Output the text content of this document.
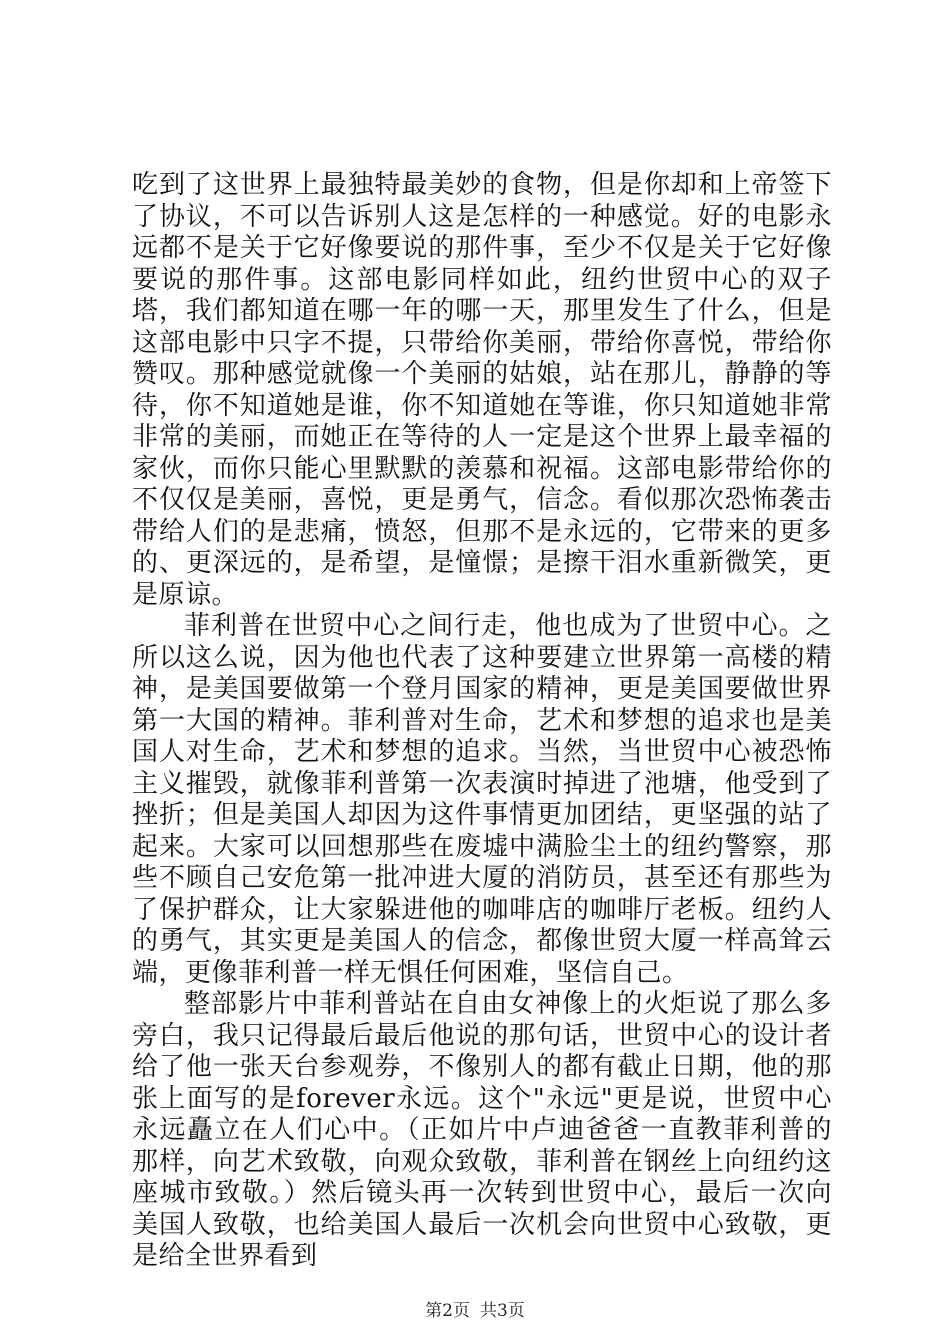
吃到了这世界上最独特最美妙的食物，但是你却和上帝签下了协议，不可以告诉别人这是怎样的一种感觉。好的电影永远都不是关于它好像要说的那件事，至少不仅是关于它好像要说的那件事。这部电影同样如此，纽约世贸中心的双子塔，我们都知道在哪一年的哪一天，那里发生了什么，但是这部电影中只字不提，只带给你美丽，带给你喜悦，带给你赞叹。那种感觉就像一个美丽的姑娘，站在那儿，静静的等待，你不知道她是谁，你不知道她在等谁，你只知道她非常非常的美丽，而她正在等待的人一定是这个世界上最幸福的家伙，而你只能心里默默的羡慕和祝福。这部电影带给你的不仅仅是美丽，喜悦，更是勇气，信念。看似那次恐怖袭击带给人们的是悲痛，愤怒，但那不是永远的，它带来的更多的、更深远的，是希望，是憧憬；是擦干泪水重新微笑，更是原谅。

菲利普在世贸中心之间行走，他也成为了世贸中心。之所以这么说，因为他也代表了这种要建立世界第一高楼的精神，是美国要做第一个登月国家的精神，更是美国要做世界第一大国的精神。菲利普对生命，艺术和梦想的追求也是美国人对生命，艺术和梦想的追求。当然，当世贸中心被恐怖主义摧毁，就像菲利普第一次表演时掉进了池塘，他受到了挫折；但是美国人却因为这件事情更加团结，更坚强的站了起来。大家可以回想那些在废墟中满脸尘土的纽约警察，那些不顾自己安危第一批冲进大厦的消防员，甚至还有那些为了保护群众，让大家躲进他的咖啡店的咖啡厅老板。纽约人的勇气，其实更是美国人的信念，都像世贸大厦一样高耸云端，更像菲利普一样无惧任何困难，坚信自己。

整部影片中菲利普站在自由女神像上的火炬说了那么多旁白，我只记得最后最后他说的那句话，世贸中心的设计者给了他一张天台参观券，不像别人的都有截止日期，他的那张上面写的是forever永远。这个"永远"更是说，世贸中心永远矗立在人们心中。（正如片中卢迪爸爸一直教菲利普的那样，向艺术致敬，向观众致敬，菲利普在钢丝上向纽约这座城市致敬。）然后镜头再一次转到世贸中心，最后一次向美国人致敬，也给美国人最后一次机会向世贸中心致敬，更是给全世界看到

第2页 共3页
